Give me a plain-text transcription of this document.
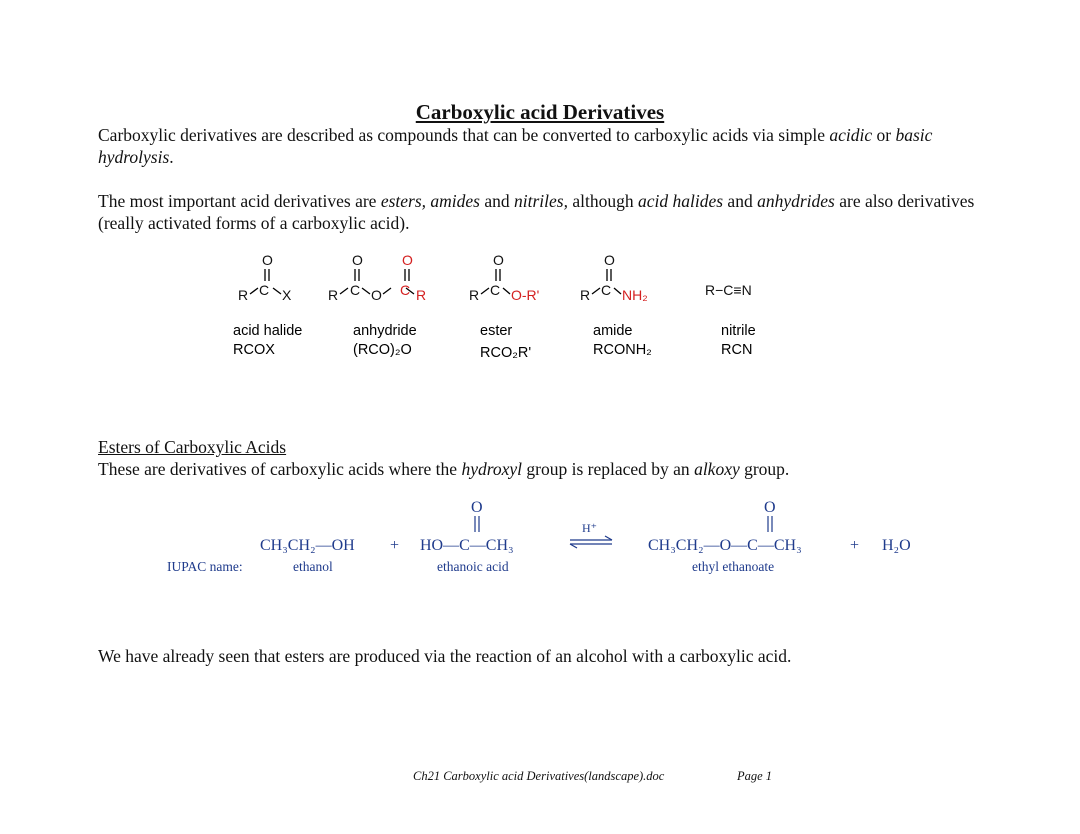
Carboxylic acid Derivatives
Carboxylic derivatives are described as compounds that can be converted to carboxylic acids via simple acidic or basic hydrolysis.
The most important acid derivatives are esters, amides and nitriles, although acid halides and anhydrides are also derivatives (really activated forms of a carboxylic acid).
O
R C X
O	O
R C O C R
O
R C O-R'
O
R C NH₂	R−C≡N
acid halide
RCOX
anhydride
(RCO)₂O
ester
RCO₂R'
amide
RCONH₂
nitrile
RCN
Esters of Carboxylic Acids
These are derivatives of carboxylic acids where the hydroxyl group is replaced by an alkoxy group.
O	O
CH₃CH₂—OH + HO—C—CH₃
H⁺
CH₃CH₂—O—C—CH₃	+ H₂O
IUPAC name:	ethanol	ethanoic acid	ethyl ethanoate
We have already seen that esters are produced via the reaction of an alcohol with a carboxylic acid.
Ch21 Carboxylic acid Derivatives(landscape).doc	Page 1
